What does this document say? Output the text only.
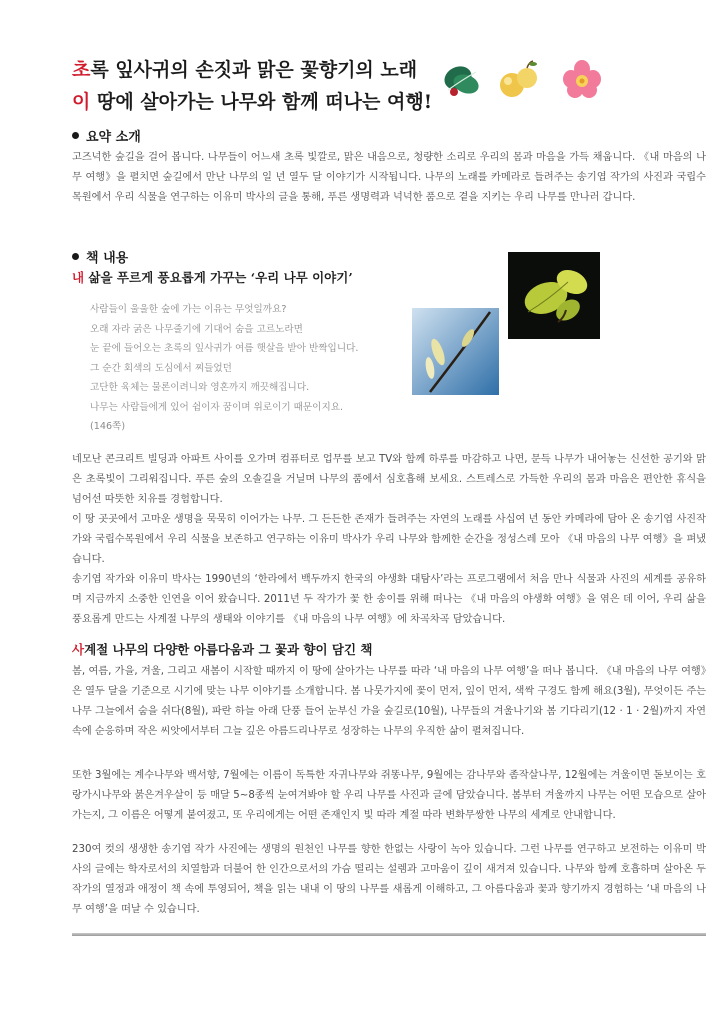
초록 잎사귀의 손짓과 맑은 꽃향기의 노래
이 땅에 살아가는 나무와 함께 떠나는 여행!
요약 소개

고즈넉한 숲길을 걸어 봅니다. 나무들이 어느새 초록 빛깔로, 맑은 내음으로, 청량한 소리로 우리의 몸과 마음을 가득 채웁니다. 《내 마음의 나무 여행》을 펼치면 숲길에서 만난 나무의 일 년 열두 달 이야기가 시작됩니다. 나무의 노래를 카메라로 들려주는 송기엽 작가의 사진과 국립수목원에서 우리 식물을 연구하는 이유미 박사의 글을 통해, 푸른 생명력과 넉넉한 품으로 곁을 지키는 우리 나무를 만나러 갑니다.

책 내용
내 삶을 푸르게 풍요롭게 가꾸는 ‘우리 나무 이야기’
사람들이 울울한 숲에 가는 이유는 무엇일까요?
오래 자라 굵은 나무줄기에 기대어 숨을 고르노라면
눈 끝에 들어오는 초록의 잎사귀가 여름 햇살을 받아 반짝입니다.
그 순간 회색의 도심에서 찌들었던
고단한 육체는 물론이려니와 영혼까지 깨끗해집니다.
나무는 사람들에게 있어 쉼이자 꿈이며 위로이기 때문이지요.
(146쪽)

네모난 콘크리트 빌딩과 아파트 사이를 오가며 컴퓨터로 업무를 보고 TV와 함께 하루를 마감하고 나면, 문득 나무가 내어놓는 신선한 공기와 맑은 초록빛이 그리워집니다. 푸른 숲의 오솔길을 거닐며 나무의 품에서 심호흡해 보세요. 스트레스로 가득한 우리의 몸과 마음은 편안한 휴식을 넘어선 따뜻한 치유를 경험합니다.

이 땅 곳곳에서 고마운 생명을 묵묵히 이어가는 나무. 그 든든한 존재가 들려주는 자연의 노래를 사십여 년 동안 카메라에 담아 온 송기엽 사진작가와 국립수목원에서 우리 식물을 보존하고 연구하는 이유미 박사가 우리 나무와 함께한 순간을 정성스레 모아 《내 마음의 나무 여행》을 펴냈습니다.

송기엽 작가와 이유미 박사는 1990년의 ‘한라에서 백두까지 한국의 야생화 대탐사’라는 프로그램에서 처음 만나 식물과 사진의 세계를 공유하며 지금까지 소중한 인연을 이어 왔습니다. 2011년 두 작가가 꽃 한 송이를 위해 떠나는 《내 마음의 야생화 여행》을 엮은 데 이어, 우리 삶을 풍요롭게 만드는 사계절 나무의 생태와 이야기를 《내 마음의 나무 여행》에 차곡차곡 담았습니다.

사계절 나무의 다양한 아름다움과 그 꽃과 향이 담긴 책

봄, 여름, 가을, 겨울, 그리고 새봄이 시작할 때까지 이 땅에 살아가는 나무를 따라 ‘내 마음의 나무 여행’을 떠나 봅니다. 《내 마음의 나무 여행》은 열두 달을 기준으로 시기에 맞는 나무 이야기를 소개합니다. 봄 나뭇가지에 꽃이 먼저, 잎이 먼저, 색싹 구경도 함께 해요(3월), 무엇이든 주는 나무 그늘에서 숨을 쉬다(8월), 파란 하늘 아래 단풍 들어 눈부신 가을 숲길로(10월), 나무들의 겨울나기와 봄 기다리기(12 · 1 · 2월)까지 자연 속에 순응하며 작은 씨앗에서부터 그늘 깊은 아름드리나무로 성장하는 나무의 우직한 삶이 펼쳐집니다.

또한 3월에는 계수나무와 백서향, 7월에는 이름이 독특한 자귀나무와 쥐똥나무, 9월에는 감나무와 좀작살나무, 12월에는 겨울이면 돋보이는 호랑가시나무와 붉은겨우살이 등 매달 5~8종씩 눈여겨봐야 할 우리 나무를 사진과 글에 담았습니다. 봄부터 겨울까지 나무는 어떤 모습으로 살아가는지, 그 이름은 어떻게 붙여졌고, 또 우리에게는 어떤 존재인지 빛 따라 계절 따라 변화무쌍한 나무의 세계로 안내합니다.

230여 컷의 생생한 송기엽 작가 사진에는 생명의 원천인 나무를 향한 한없는 사랑이 녹아 있습니다. 그런 나무를 연구하고 보전하는 이유미 박사의 글에는 학자로서의 치열함과 더불어 한 인간으로서의 가슴 떨리는 설렘과 고마움이 깊이 새겨져 있습니다. 나무와 함께 호흡하며 살아온 두 작가의 열정과 애정이 책 속에 투영되어, 책을 읽는 내내 이 땅의 나무를 새롭게 이해하고, 그 아름다움과 꽃과 향기까지 경험하는 ‘내 마음의 나무 여행’을 떠날 수 있습니다.
